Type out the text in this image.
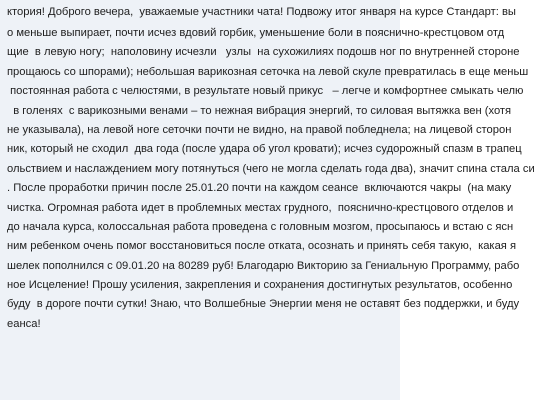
ктория! Доброго вечера,  уважаемые участники чата! Подвожу итог января на курсе Стандарт: вы
о меньше выпирает, почти исчез вдовий горбик, уменьшение боли в пояснично-крестцовом отд
щие  в левую ногу;  наполовину исчезли   узлы  на сухожилиях подошв ног по внутренней стороне
прощаюсь со шпорами); небольшая варикозная сеточка на левой скуле превратилась в еще меньш
постоянная работа с челюстями, в результате новый прикус   – легче и комфортнее смыкать челю
в голенях  с варикозными венами – то нежная вибрация энергий, то силовая вытяжка вен (хотя
не указывала), на левой ноге сеточки почти не видно, на правой побледнела; на лицевой сторон
ник, который не сходил  два года (после удара об угол кровати); исчез судорожный спазм в трапец
ольствием и наслаждением могу потянуться (чего не могла сделать года два), значит спина стала си
. После проработки причин после 25.01.20 почти на каждом сеансе  включаются чакры  (на маку
чистка. Огромная работа идет в проблемных местах грудного,  пояснично-крестцового отделов и
до начала курса, колоссальная работа проведена с головным мозгом, просыпаюсь и встаю с ясн
ним ребенком очень помог восстановиться после отката, осознать и принять себя такую,  какая я
шелек пополнился с 09.01.20 на 80289 руб! Благодарю Викторию за Гениальную Программу, рабо
ное Исцеление! Прошу усиления, закрепления и сохранения достигнутых результатов, особенно
буду  в дороге почти сутки! Знаю, что Волшебные Энергии меня не оставят без поддержки, и буду
еанса!
